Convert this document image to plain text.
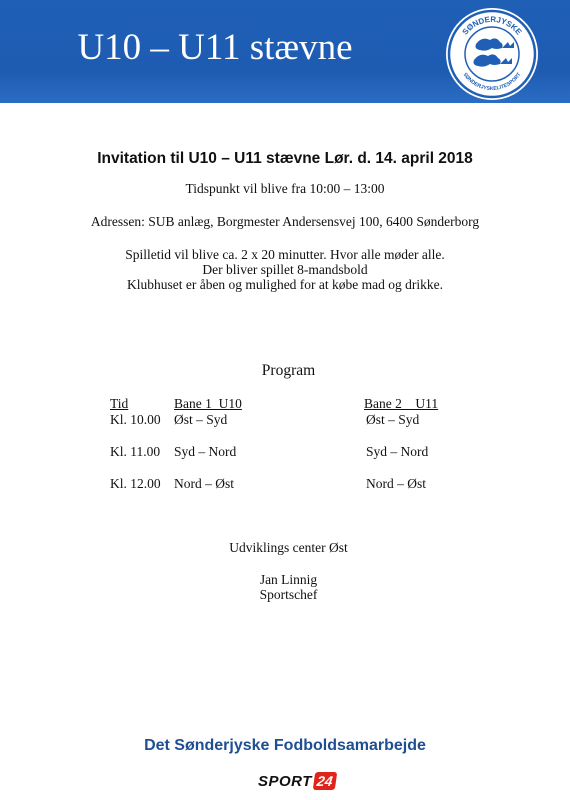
U10 – U11 stævne	SØNDERJYSKE
SØNDERJYSKELITESPORT
Invitation til U10 – U11 stævne Lør. d. 14. april 2018
Tidspunkt vil blive fra 10:00 – 13:00
Adressen: SUB anlæg, Borgmester Andersensvej 100, 6400 Sønderborg
Spilletid vil blive ca. 2 x 20 minutter. Hvor alle møder alle.
Der bliver spillet 8-mandsbold
Klubhuset er åben og mulighed for at købe mad og drikke.
Program
Tid	Bane 1  U10	Bane 2    U11
Kl. 10.00 Øst – Syd	Øst – Syd
Kl. 11.00 Syd – Nord	Syd – Nord
Kl. 12.00 Nord – Øst	Nord – Øst
Udviklings center Øst
Jan Linnig
Sportschef
Det Sønderjyske Fodboldsamarbejde
SPORT 24
